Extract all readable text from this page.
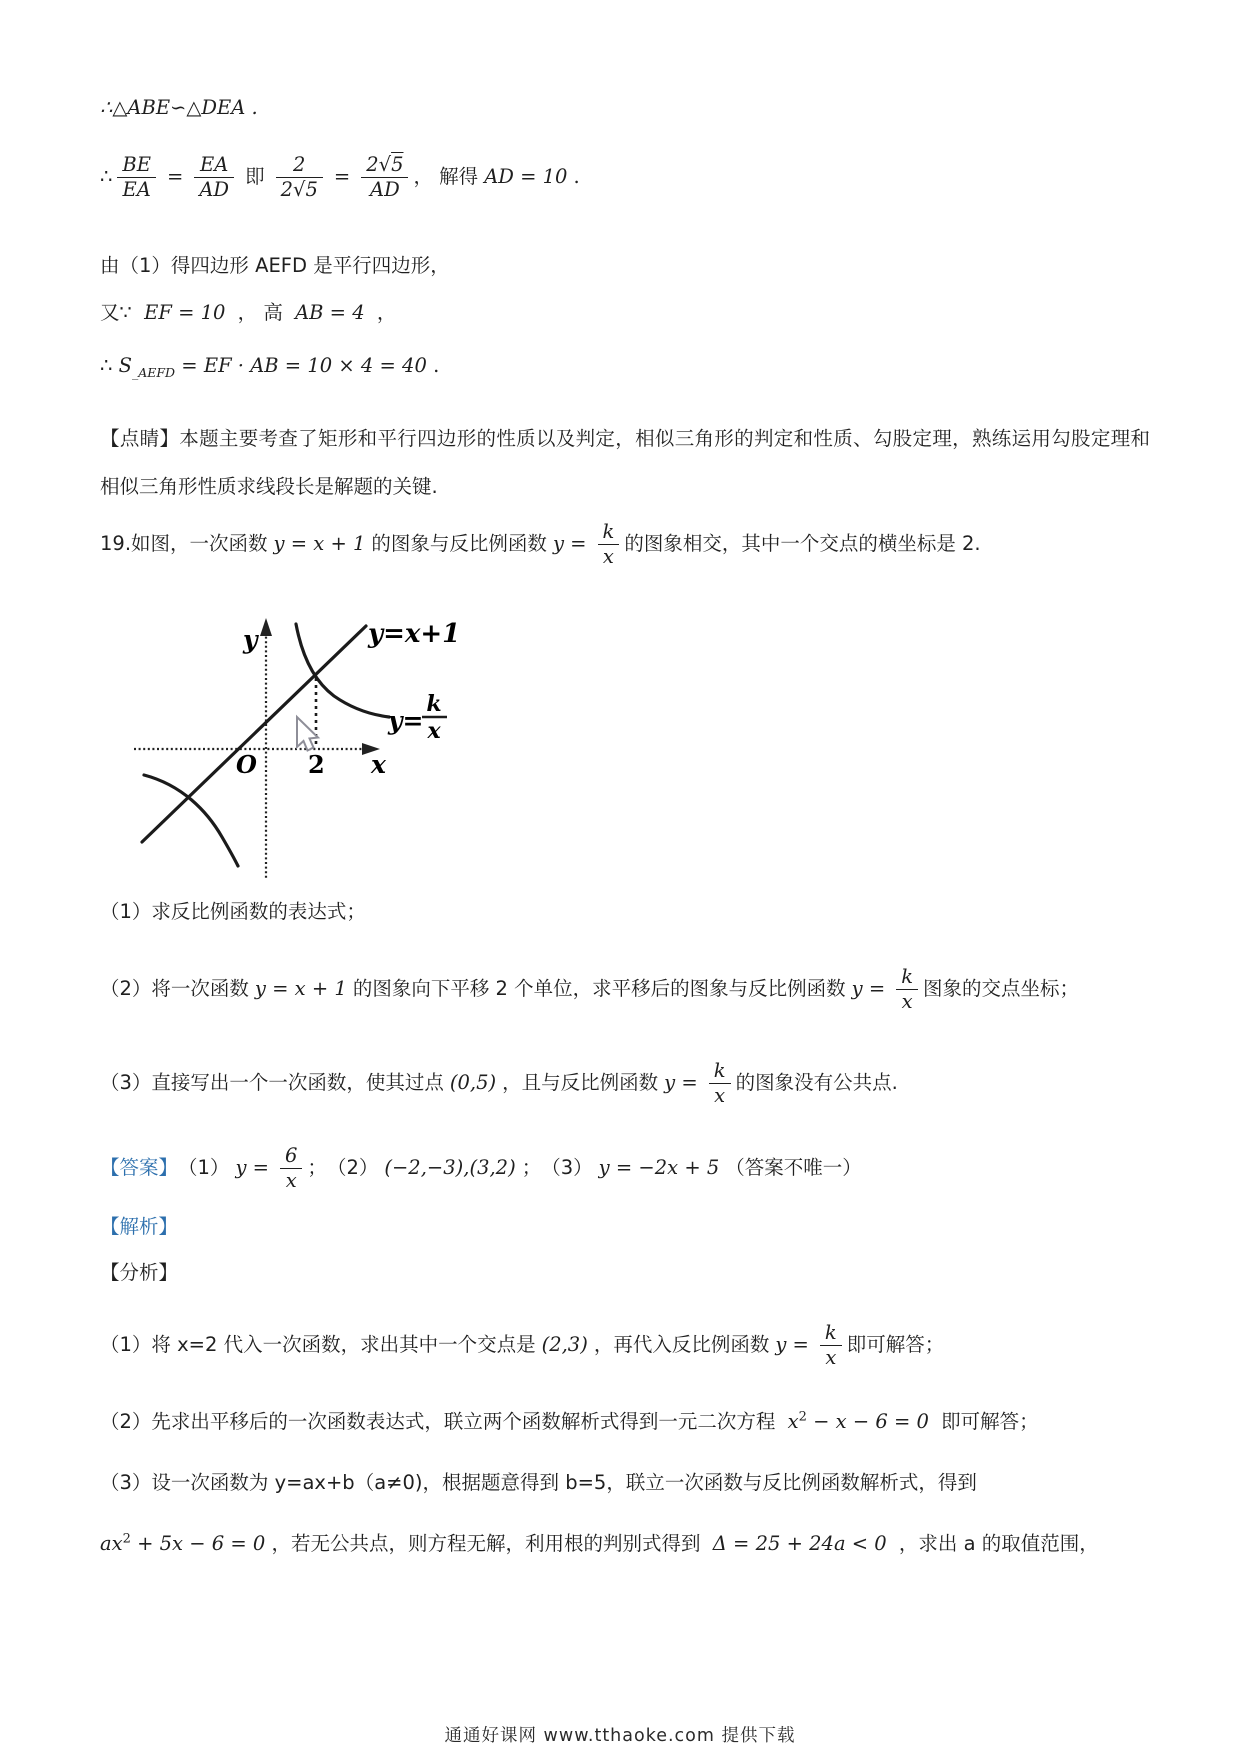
∴△ABE∽△DEA .
∴ $\frac{BE}{EA} = \frac{EA}{AD}$ 即 $\frac{2}{2√5} = \frac{2√5}{AD}$ ， 解得 AD = 10 .
由（1）得四边形 AEFD 是平行四边形，
又∵ EF = 10 ， 高 AB = 4 ，
∴ $S_{\_AEFD}$ = EF · AB = 10 × 4 = 40 .
【点睛】本题主要考查了矩形和平行四边形的性质以及判定，相似三角形的判定和性质、勾股定理，熟练运用勾股定理和相似三角形性质求线段长是解题的关键.
19.如图，一次函数 y = x + 1 的图象与反比例函数 $y = \frac{k}{x}$ 的图象相交，其中一个交点的横坐标是 2.
y
x
O 2
y=x+1
y=
k
x
（1）求反比例函数的表达式；
（2）将一次函数 y = x + 1 的图象向下平移 2 个单位，求平移后的图象与反比例函数 $y = \frac{k}{x}$ 图象的交点坐标；
（3）直接写出一个一次函数，使其过点 (0,5) ，且与反比例函数 $y = \frac{k}{x}$ 的图象没有公共点.
【答案】 （1） $y = \frac{6}{x}$ ； （2） (−2,−3),(3,2) ； （3） y = −2x + 5 （答案不唯一）
【解析】
【分析】
（1）将 x=2 代入一次函数，求出其中一个交点是 (2,3) ，再代入反比例函数 $y = \frac{k}{x}$ 即可解答；
（2）先求出平移后的一次函数表达式，联立两个函数解析式得到一元二次方程 $x^2 - x - 6 = 0$ 即可解答；
（3）设一次函数为 y=ax+b（a≠0)，根据题意得到 b=5，联立一次函数与反比例函数解析式，得到
$ax^2 + 5x - 6 = 0$ ，若无公共点，则方程无解，利用根的判别式得到 Δ = 25 + 24a < 0 ，求出 a 的取值范围，
通通好课网 www.tthaoke.com 提供下载
